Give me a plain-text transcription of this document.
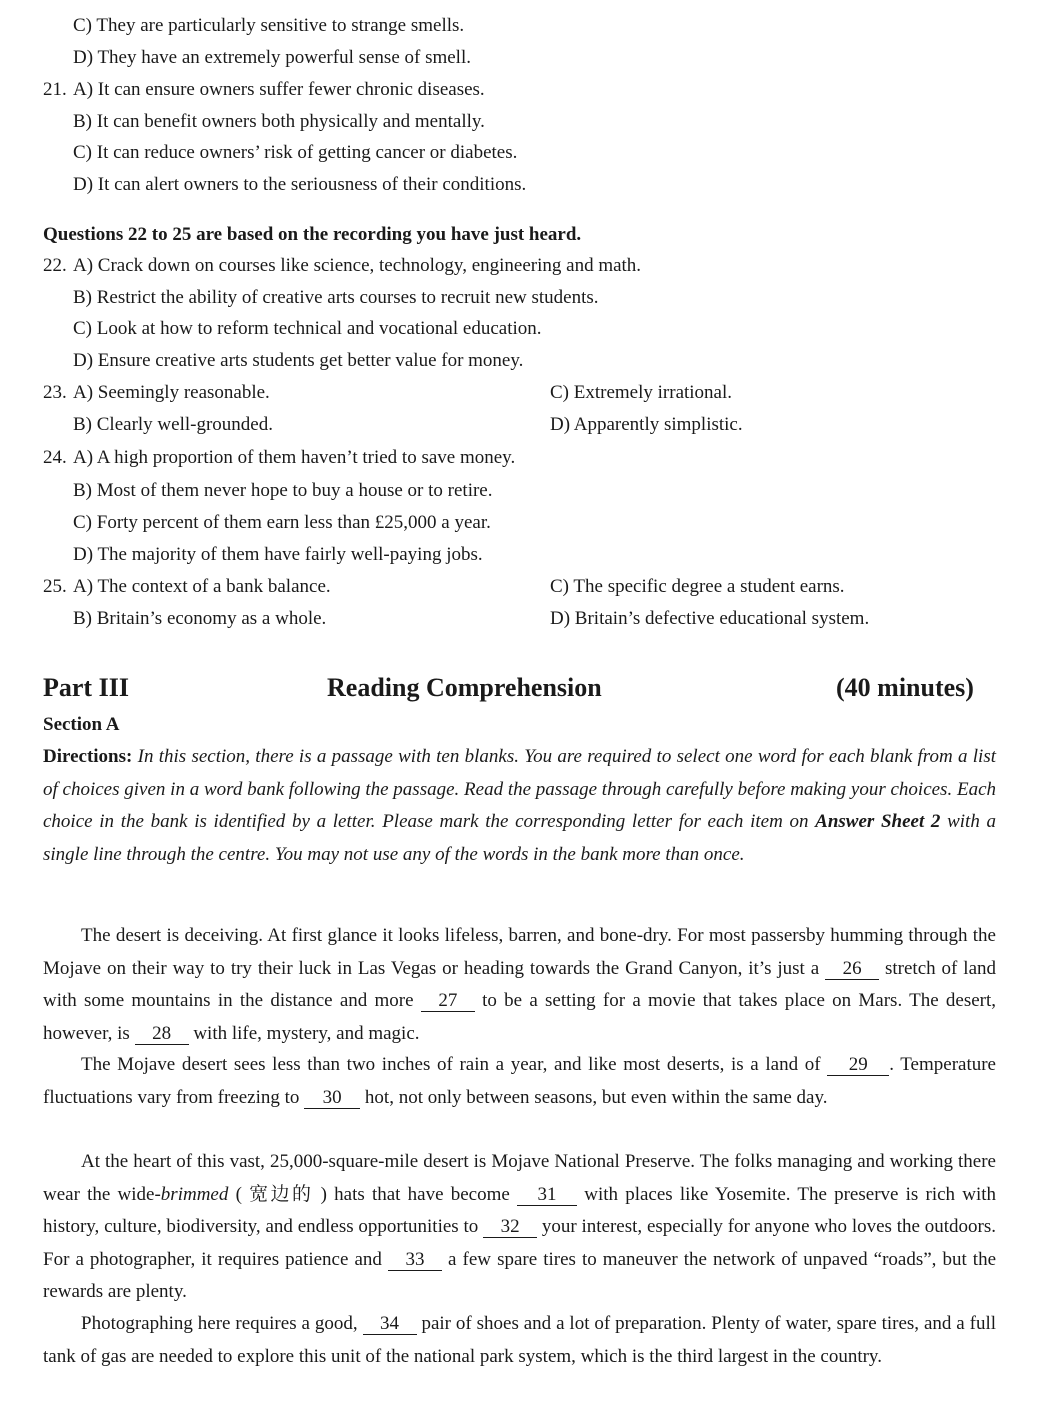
C) They are particularly sensitive to strange smells.
D) They have an extremely powerful sense of smell.
21. A) It can ensure owners suffer fewer chronic diseases.
B) It can benefit owners both physically and mentally.
C) It can reduce owners’ risk of getting cancer or diabetes.
D) It can alert owners to the seriousness of their conditions.
Questions 22 to 25 are based on the recording you have just heard.
22. A) Crack down on courses like science, technology, engineering and math.
B) Restrict the ability of creative arts courses to recruit new students.
C) Look at how to reform technical and vocational education.
D) Ensure creative arts students get better value for money.
23. A) Seemingly reasonable.	C) Extremely irrational.
B) Clearly well-grounded.	D) Apparently simplistic.
24. A) A high proportion of them haven’t tried to save money.
B) Most of them never hope to buy a house or to retire.
C) Forty percent of them earn less than £25,000 a year.
D) The majority of them have fairly well-paying jobs.
25. A) The context of a bank balance.	C) The specific degree a student earns.
B) Britain’s economy as a whole.	D) Britain’s defective educational system.
Part III	Reading Comprehension	(40 minutes)
Section A
Directions: In this section, there is a passage with ten blanks. You are required to select one word for each blank from a list of choices given in a word bank following the passage. Read the passage through carefully before making your choices. Each choice in the bank is identified by a letter. Please mark the corresponding letter for each item on Answer Sheet 2 with a single line through the centre. You may not use any of the words in the bank more than once.
The desert is deceiving. At first glance it looks lifeless, barren, and bone-dry. For most passersby humming through the Mojave on their way to try their luck in Las Vegas or heading towards the Grand Canyon, it’s just a 26 stretch of land with some mountains in the distance and more 27 to be a setting for a movie that takes place on Mars. The desert, however, is 28 with life, mystery, and magic.
The Mojave desert sees less than two inches of rain a year, and like most deserts, is a land of 29 . Temperature fluctuations vary from freezing to 30 hot, not only between seasons, but even within the same day.
At the heart of this vast, 25,000-square-mile desert is Mojave National Preserve. The folks managing and working there wear the wide-brimmed ( 宽边的 ) hats that have become 31 with places like Yosemite. The preserve is rich with history, culture, biodiversity, and endless opportunities to 32 your interest, especially for anyone who loves the outdoors. For a photographer, it requires patience and 33 a few spare tires to maneuver the network of unpaved “roads”, but the rewards are plenty.
Photographing here requires a good, 34 pair of shoes and a lot of preparation. Plenty of water, spare tires, and a full tank of gas are needed to explore this unit of the national park system, which is the third largest in the country.
